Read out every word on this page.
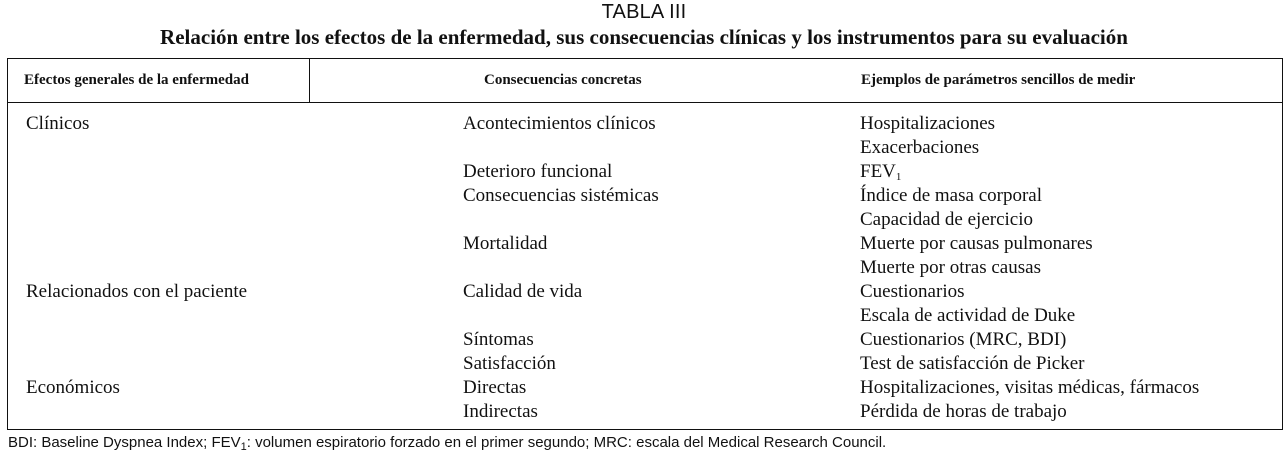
TABLA III
Relación entre los efectos de la enfermedad, sus consecuencias clínicas y los instrumentos para su evaluación
Efectos generales de la enfermedad	Consecuencias concretas	Ejemplos de parámetros sencillos de medir
Clínicos
Relacionados con el paciente
Económicos
Acontecimientos clínicos
Deterioro funcional
Consecuencias sistémicas
Mortalidad
Calidad de vida
Síntomas
Satisfacción
Directas
Indirectas
Hospitalizaciones
Exacerbaciones
$FEV_1$
Índice de masa corporal
Capacidad de ejercicio
Muerte por causas pulmonares
Muerte por otras causas
Cuestionarios
Escala de actividad de Duke
Cuestionarios (MRC, BDI)
Test de satisfacción de Picker
Hospitalizaciones, visitas médicas, fármacos
Pérdida de horas de trabajo
BDI: Baseline Dyspnea Index; $FEV_1$: volumen espiratorio forzado en el primer segundo; MRC: escala del Medical Research Council.
